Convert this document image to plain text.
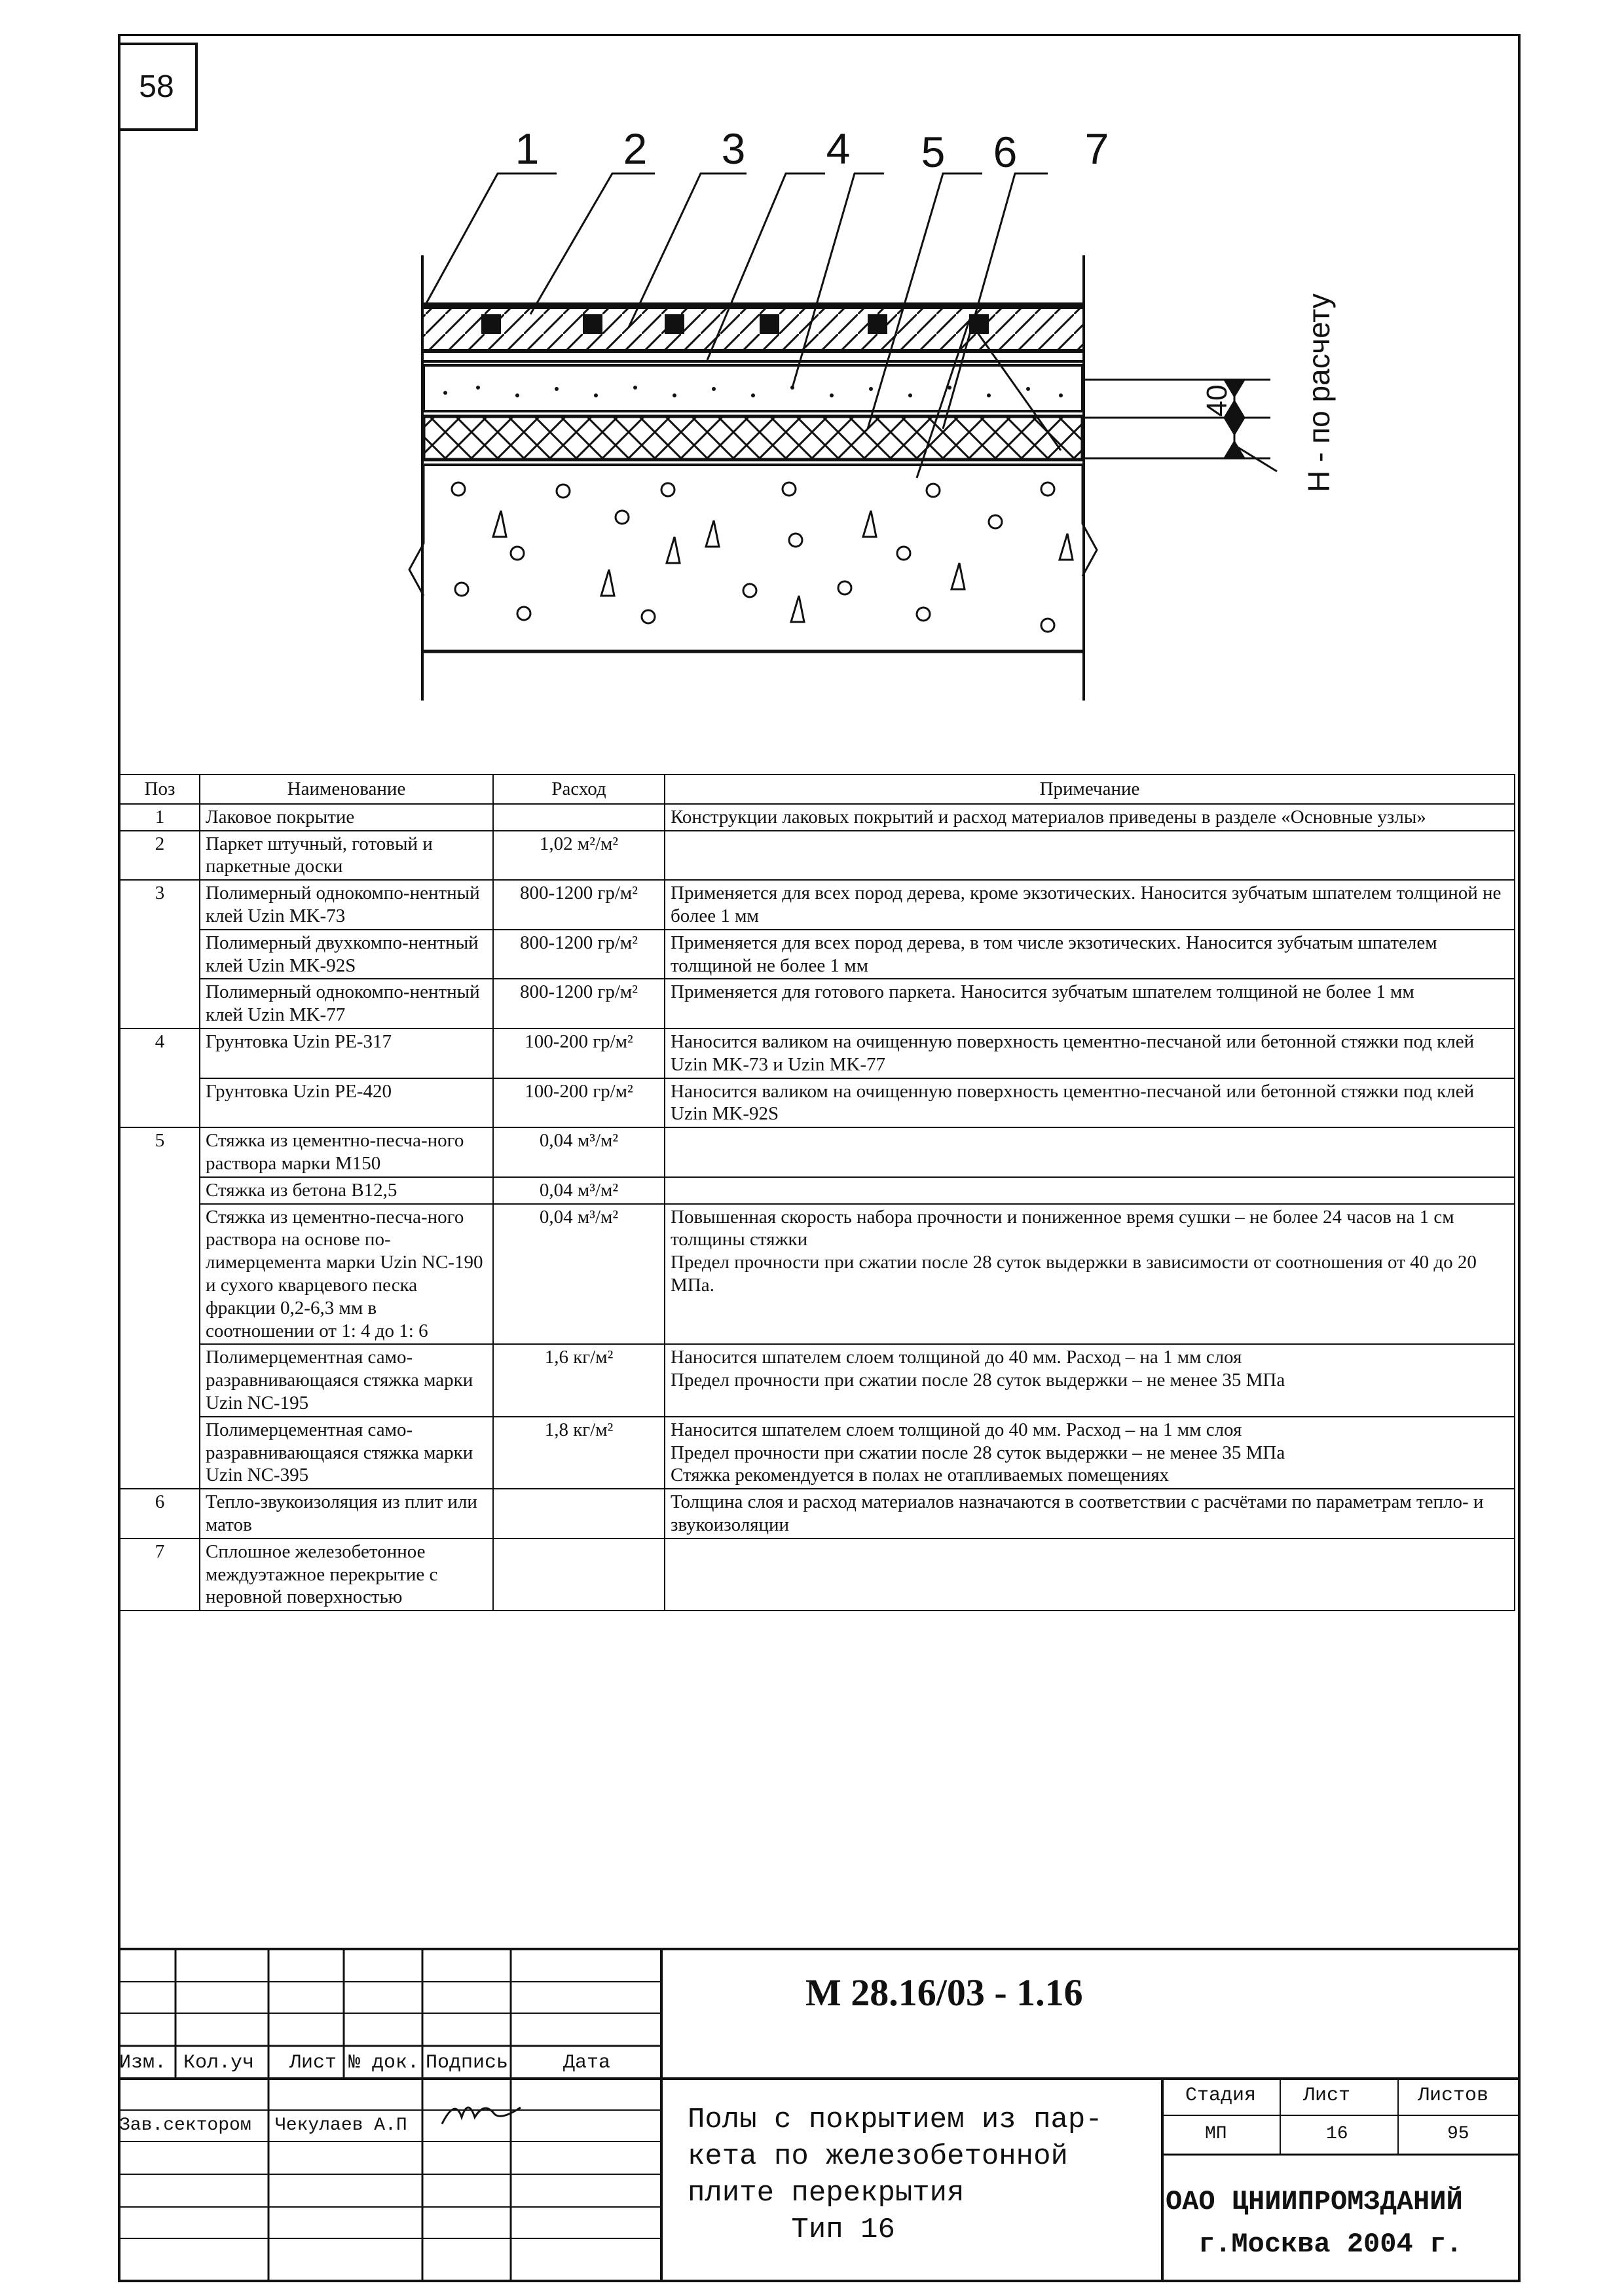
58
1 2 3 4 5 6 7
40 H - по расчету
Поз	Наименование	Расход	Примечание
1	Лаковое покрытие		Конструкции лаковых покрытий и расход материалов приведены в разделе «Основные узлы»
2	Паркет штучный, готовый и паркетные доски	1,02 м²/м²	
3	Полимерный однокомпо-нентный клей Uzin MK-73	800-1200 гр/м²	Применяется для всех пород дерева, кроме экзотических. Наносится зубчатым шпателем толщиной не более 1 мм
	Полимерный двухкомпо-нентный клей Uzin MK-92S	800-1200 гр/м²	Применяется для всех пород дерева, в том числе экзотических. Наносится зубчатым шпателем толщиной не более 1 мм
	Полимерный однокомпо-нентный клей Uzin MK-77	800-1200 гр/м²	Применяется для готового паркета. Наносится зубчатым шпателем толщиной не более 1 мм
4	Грунтовка Uzin PE-317	100-200 гр/м²	Наносится валиком на очищенную поверхность цементно-песчаной или бетонной стяжки под клей Uzin MK-73 и Uzin MK-77
	Грунтовка Uzin PE-420	100-200 гр/м²	Наносится валиком на очищенную поверхность цементно-песчаной или бетонной стяжки под клей Uzin MK-92S
5	Стяжка из цементно-песча-ного раствора марки M150	0,04 м³/м²	
	Стяжка из бетона B12,5	0,04 м³/м²	
	Стяжка из цементно-песча-ного раствора на основе по-лимерцемента марки Uzin NC-190 и сухого кварцевого песка фракции 0,2-6,3 мм в соотношении от 1: 4 до 1: 6	0,04 м³/м²	Повышенная скорость набора прочности и пониженное время сушки – не более 24 часов на 1 см толщины стяжки
Предел прочности при сжатии после 28 суток выдержки в зависимости от соотношения от 40 до 20 МПа.
	Полимерцементная само-разравнивающаяся стяжка марки Uzin NC-195	1,6 кг/м²	Наносится шпателем слоем толщиной до 40 мм. Расход – на 1 мм слоя
Предел прочности при сжатии после 28 суток выдержки – не менее 35 МПа
	Полимерцементная само-разравнивающаяся стяжка марки Uzin NC-395	1,8 кг/м²	Наносится шпателем слоем толщиной до 40 мм. Расход – на 1 мм слоя
Предел прочности при сжатии после 28 суток выдержки – не менее 35 МПа
Стяжка рекомендуется в полах не отапливаемых помещениях
6	Тепло-звукоизоляция из плит или матов		Толщина слоя и расход материалов назначаются в соответствии с расчётами по параметрам тепло- и звукоизоляции
7	Сплошное железобетонное междуэтажное перекрытие с неровной поверхностью		
Изм. Кол.уч Лист № док. Подпись	Дата
Зав.сектором Чекулаев А.П
Стадия Лист	Листов
МП	16	95
ОАО ЦНИИПРОМЗДАНИЙ
г.Москва 2004 г.
М 28.16/03 - 1.16
Полы с покрытием из пар-
кета по железобетонной
плите перекрытия
Тип 16
